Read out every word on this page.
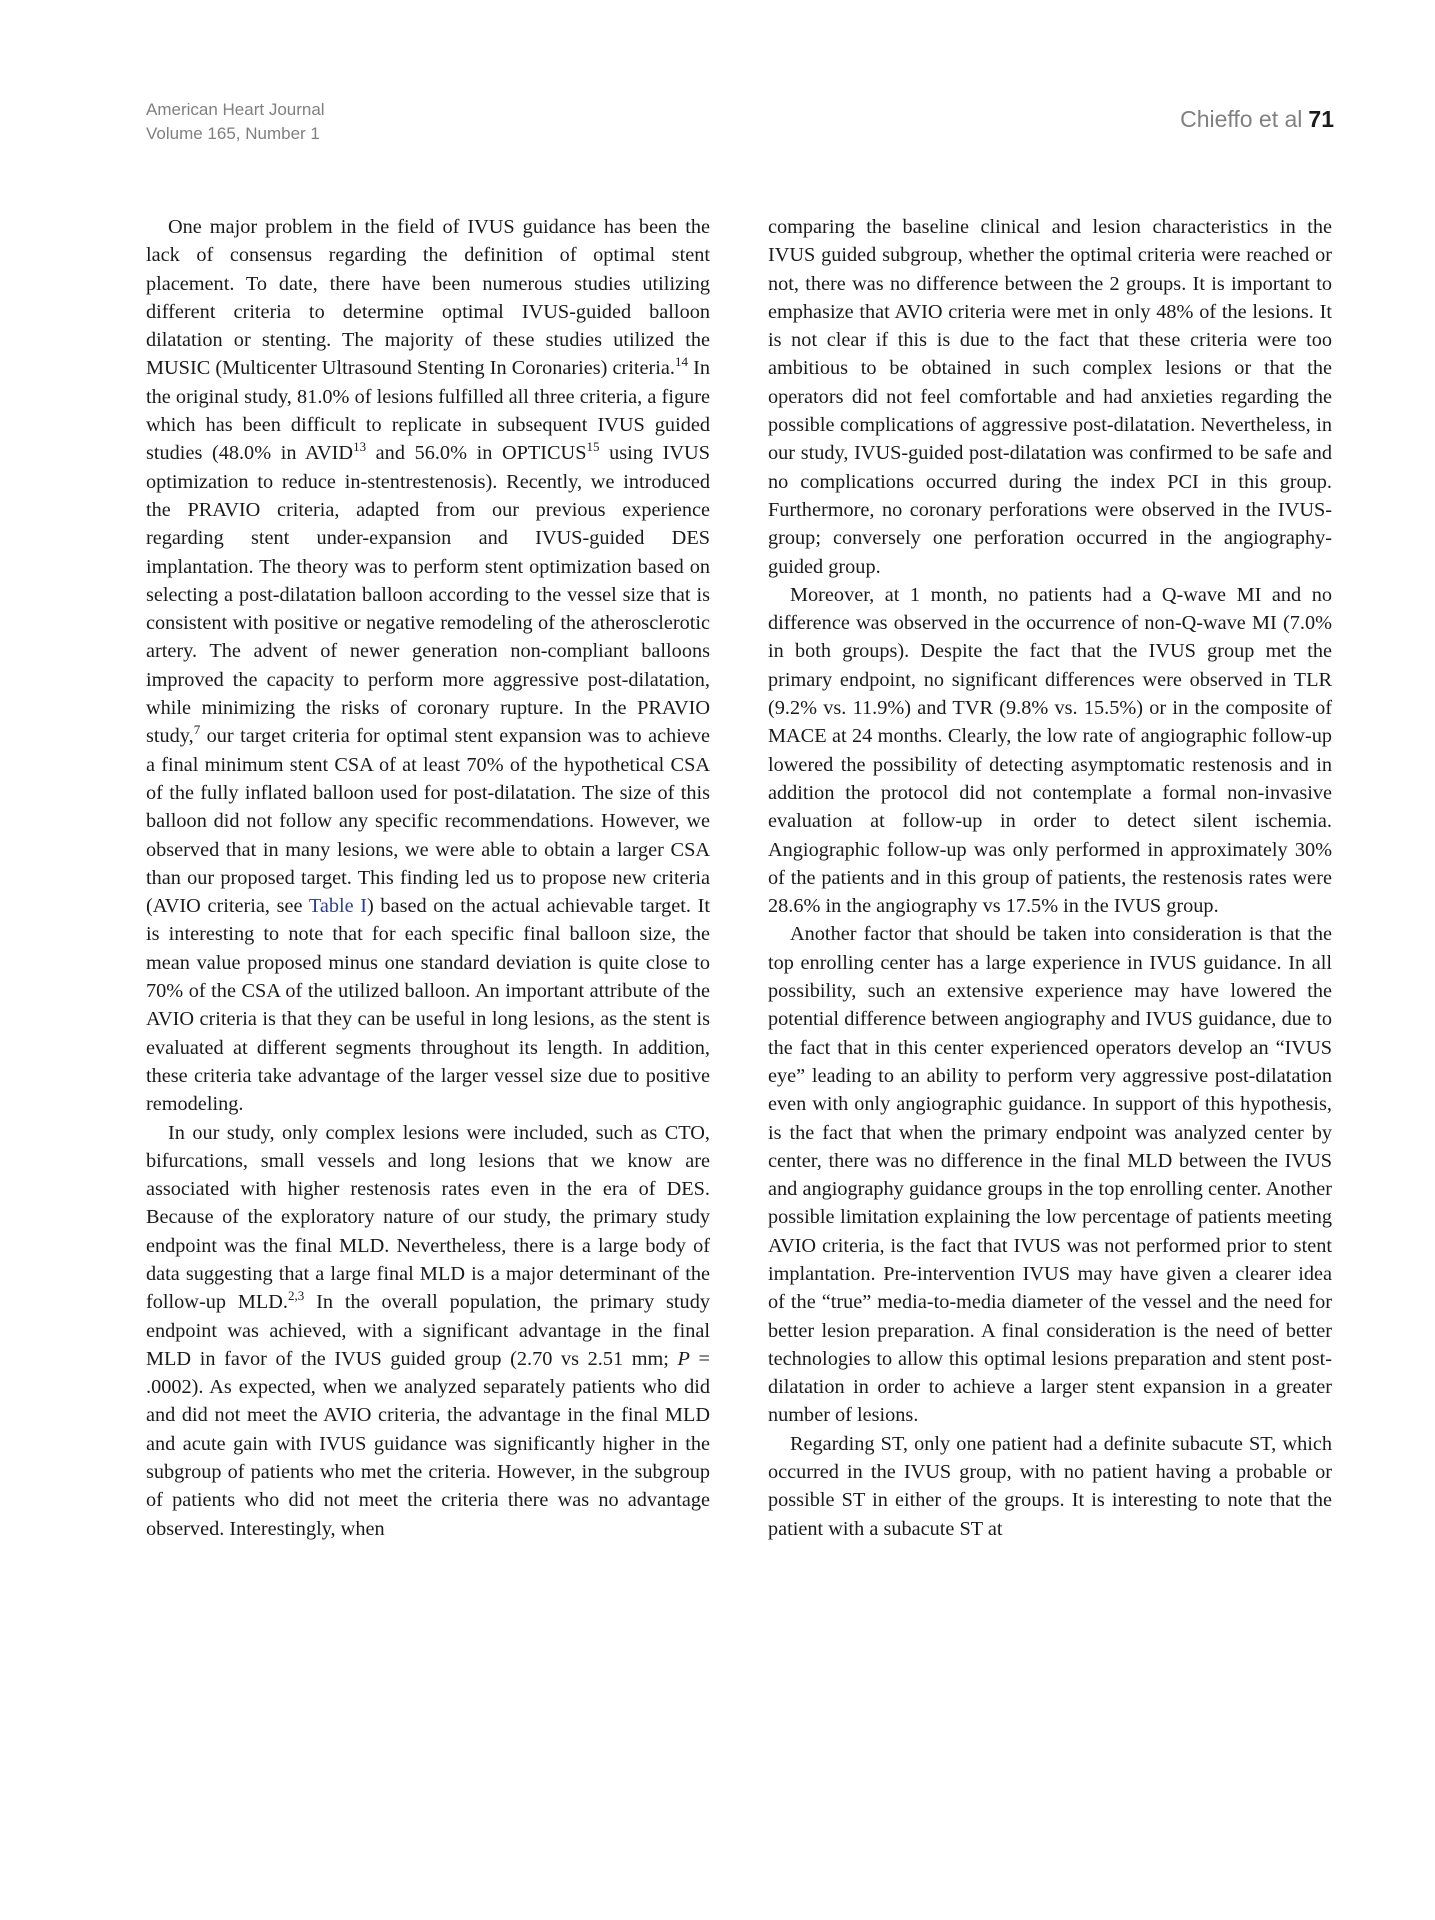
American Heart Journal
Volume 165, Number 1
Chieffo et al 71

One major problem in the field of IVUS guidance has been the lack of consensus regarding the definition of optimal stent placement. To date, there have been numerous studies utilizing different criteria to determine optimal IVUS-guided balloon dilatation or stenting. The majority of these studies utilized the MUSIC (Multicenter Ultrasound Stenting In Coronaries) criteria.$^{14}$ In the original study, 81.0% of lesions fulfilled all three criteria, a figure which has been difficult to replicate in subsequent IVUS guided studies (48.0% in AVID$^{13}$ and 56.0% in OPTICUS$^{15}$ using IVUS optimization to reduce in-stentrestenosis). Recently, we introduced the PRAVIO criteria, adapted from our previous experience regarding stent under-expansion and IVUS-guided DES implantation. The theory was to perform stent optimization based on selecting a post-dilatation balloon according to the vessel size that is consistent with positive or negative remodeling of the atherosclerotic artery. The advent of newer generation non-compliant balloons improved the capacity to perform more aggressive post-dilatation, while minimizing the risks of coronary rupture. In the PRAVIO study,$^7$ our target criteria for optimal stent expansion was to achieve a final minimum stent CSA of at least 70% of the hypothetical CSA of the fully inflated balloon used for post-dilatation. The size of this balloon did not follow any specific recommendations. However, we observed that in many lesions, we were able to obtain a larger CSA than our proposed target. This finding led us to propose new criteria (AVIO criteria, see Table I) based on the actual achievable target. It is interesting to note that for each specific final balloon size, the mean value proposed minus one standard deviation is quite close to 70% of the CSA of the utilized balloon. An important attribute of the AVIO criteria is that they can be useful in long lesions, as the stent is evaluated at different segments throughout its length. In addition, these criteria take advantage of the larger vessel size due to positive remodeling.

In our study, only complex lesions were included, such as CTO, bifurcations, small vessels and long lesions that we know are associated with higher restenosis rates even in the era of DES. Because of the exploratory nature of our study, the primary study endpoint was the final MLD. Nevertheless, there is a large body of data suggesting that a large final MLD is a major determinant of the follow-up MLD.$^{2,3}$ In the overall population, the primary study endpoint was achieved, with a significant advantage in the final MLD in favor of the IVUS guided group (2.70 vs 2.51 mm; P = .0002). As expected, when we analyzed separately patients who did and did not meet the AVIO criteria, the advantage in the final MLD and acute gain with IVUS guidance was significantly higher in the subgroup of patients who met the criteria. However, in the subgroup of patients who did not meet the criteria there was no advantage observed. Interestingly, when

comparing the baseline clinical and lesion characteristics in the IVUS guided subgroup, whether the optimal criteria were reached or not, there was no difference between the 2 groups. It is important to emphasize that AVIO criteria were met in only 48% of the lesions. It is not clear if this is due to the fact that these criteria were too ambitious to be obtained in such complex lesions or that the operators did not feel comfortable and had anxieties regarding the possible complications of aggressive post-dilatation. Nevertheless, in our study, IVUS-guided post-dilatation was confirmed to be safe and no complications occurred during the index PCI in this group. Furthermore, no coronary perforations were observed in the IVUS-group; conversely one perforation occurred in the angiography-guided group.

Moreover, at 1 month, no patients had a Q-wave MI and no difference was observed in the occurrence of non-Q-wave MI (7.0% in both groups). Despite the fact that the IVUS group met the primary endpoint, no significant differences were observed in TLR (9.2% vs. 11.9%) and TVR (9.8% vs. 15.5%) or in the composite of MACE at 24 months. Clearly, the low rate of angiographic follow-up lowered the possibility of detecting asymptomatic restenosis and in addition the protocol did not contemplate a formal non-invasive evaluation at follow-up in order to detect silent ischemia. Angiographic follow-up was only performed in approximately 30% of the patients and in this group of patients, the restenosis rates were 28.6% in the angiography vs 17.5% in the IVUS group.

Another factor that should be taken into consideration is that the top enrolling center has a large experience in IVUS guidance. In all possibility, such an extensive experience may have lowered the potential difference between angiography and IVUS guidance, due to the fact that in this center experienced operators develop an “IVUS eye” leading to an ability to perform very aggressive post-dilatation even with only angiographic guidance. In support of this hypothesis, is the fact that when the primary endpoint was analyzed center by center, there was no difference in the final MLD between the IVUS and angiography guidance groups in the top enrolling center. Another possible limitation explaining the low percentage of patients meeting AVIO criteria, is the fact that IVUS was not performed prior to stent implantation. Pre-intervention IVUS may have given a clearer idea of the “true” media-to-media diameter of the vessel and the need for better lesion preparation. A final consideration is the need of better technologies to allow this optimal lesions preparation and stent post-dilatation in order to achieve a larger stent expansion in a greater number of lesions.

Regarding ST, only one patient had a definite subacute ST, which occurred in the IVUS group, with no patient having a probable or possible ST in either of the groups. It is interesting to note that the patient with a subacute ST at
